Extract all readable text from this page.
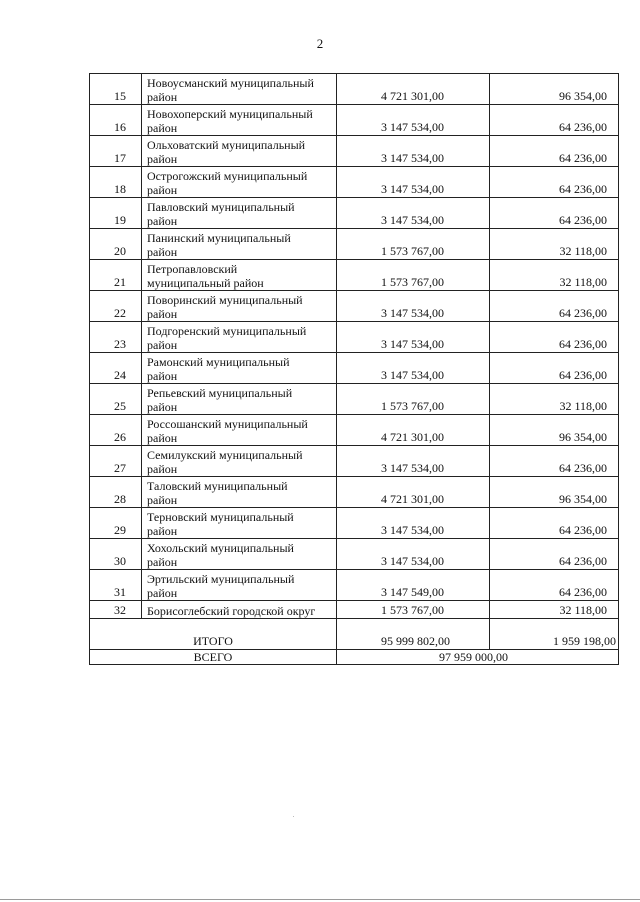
2
15	Новоусманский муниципальный
район	4 721 301,00	96 354,00
16	Новохоперский муниципальный
район	3 147 534,00	64 236,00
17	Ольховатский муниципальный
район	3 147 534,00	64 236,00
18	Острогожский муниципальный
район	3 147 534,00	64 236,00
19	Павловский муниципальный
район	3 147 534,00	64 236,00
20	Панинский муниципальный
район	1 573 767,00	32 118,00
21	Петропавловский
муниципальный район	1 573 767,00	32 118,00
22	Поворинский муниципальный
район	3 147 534,00	64 236,00
23	Подгоренский муниципальный
район	3 147 534,00	64 236,00
24	Рамонский муниципальный
район	3 147 534,00	64 236,00
25	Репьевский муниципальный
район	1 573 767,00	32 118,00
26	Россошанский муниципальный
район	4 721 301,00	96 354,00
27	Семилукский муниципальный
район	3 147 534,00	64 236,00
28	Таловский муниципальный
район	4 721 301,00	96 354,00
29	Терновский муниципальный
район	3 147 534,00	64 236,00
30	Хохольский муниципальный
район	3 147 534,00	64 236,00
31	Эртильский муниципальный
район	3 147 549,00	64 236,00
32	Борисоглебский городской округ	1 573 767,00	32 118,00
ИТОГО		95 999 802,00	1 959 198,00
ВСЕГО		97 959 000,00	
